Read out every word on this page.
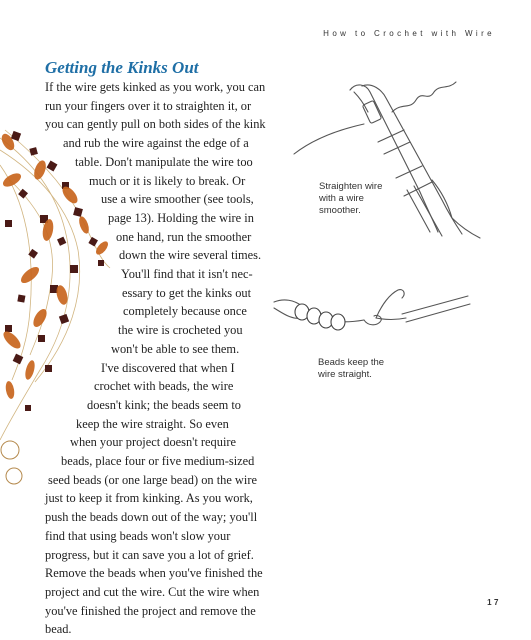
How to Crochet with Wire
Getting the Kinks Out
If the wire gets kinked as you work, you can
run your fingers over it to straighten it, or
you can gently pull on both sides of the kink
and rub the wire against the edge of a
table. Don't manipulate the wire too
much or it is likely to break. Or
use a wire smoother (see tools,
page 13). Holding the wire in
one hand, run the smoother
down the wire several times.
You'll find that it isn't nec-
essary to get the kinks out
completely because once
the wire is crocheted you
won't be able to see them.
I've discovered that when I
crochet with beads, the wire
doesn't kink; the beads seem to
keep the wire straight. So even
when your project doesn't require
beads, place four or five medium-sized
seed beads (or one large bead) on the wire
just to keep it from kinking. As you work,
push the beads down out of the way; you'll
find that using beads won't slow your
progress, but it can save you a lot of grief.
Remove the beads when you've finished the
project and cut the wire. Cut the wire when
you've finished the project and remove the
bead.
Straighten wire
with a wire
smoother.
Beads keep the
wire straight.
17
